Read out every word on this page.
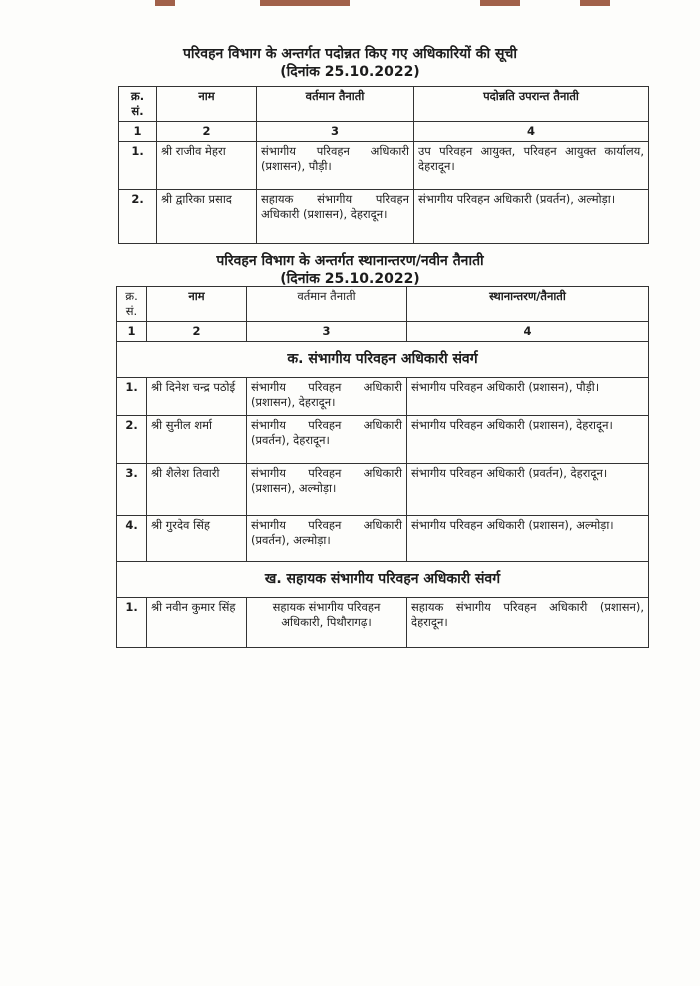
परिवहन विभाग के अन्तर्गत पदोन्नत किए गए अधिकारियों की सूची
(दिनांक 25.10.2022)
क्र. सं.	नाम	वर्तमान तैनाती	पदोन्नति उपरान्त तैनाती
1	2	3	4
1.	श्री राजीव मेहरा	संभागीय परिवहन अधिकारी (प्रशासन), पौड़ी।	उप परिवहन आयुक्त, परिवहन आयुक्त कार्यालय, देहरादून।
2.	श्री द्वारिका प्रसाद	सहायक संभागीय परिवहन अधिकारी (प्रशासन), देहरादून।	संभागीय परिवहन अधिकारी (प्रवर्तन), अल्मोड़ा।
परिवहन विभाग के अन्तर्गत स्थानान्तरण/नवीन तैनाती
(दिनांक 25.10.2022)
क्र. सं.	नाम	वर्तमान तैनाती	स्थानान्तरण/तैनाती
1	2	3	4
क. संभागीय परिवहन अधिकारी संवर्ग			
1.	श्री दिनेश चन्द्र पठोई	संभागीय परिवहन अधिकारी (प्रशासन), देहरादून।	संभागीय परिवहन अधिकारी (प्रशासन), पौड़ी।
2.	श्री सुनील शर्मा	संभागीय परिवहन अधिकारी (प्रवर्तन), देहरादून।	संभागीय परिवहन अधिकारी (प्रशासन), देहरादून।
3.	श्री शैलेश तिवारी	संभागीय परिवहन अधिकारी (प्रशासन), अल्मोड़ा।	संभागीय परिवहन अधिकारी (प्रवर्तन), देहरादून।
4.	श्री गुरदेव सिंह	संभागीय परिवहन अधिकारी (प्रवर्तन), अल्मोड़ा।	संभागीय परिवहन अधिकारी (प्रशासन), अल्मोड़ा।
ख. सहायक संभागीय परिवहन अधिकारी संवर्ग			
1.	श्री नवीन कुमार सिंह	सहायक संभागीय परिवहन अधिकारी, पिथौरागढ़।	सहायक संभागीय परिवहन अधिकारी (प्रशासन), देहरादून।
